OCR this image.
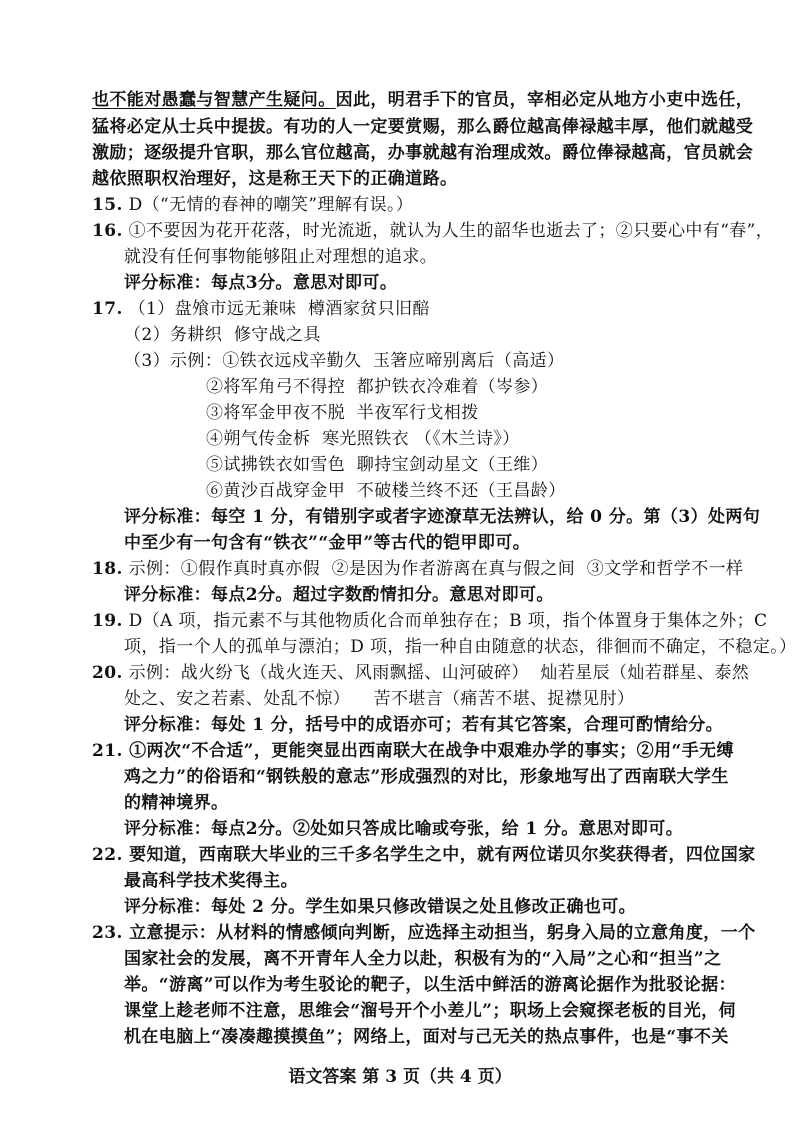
也不能对愚蠢与智慧产生疑问。因此，明君手下的官员，宰相必定从地方小吏中选任，
猛将必定从士兵中提拔。有功的人一定要赏赐，那么爵位越高俸禄越丰厚，他们就越受
激励；逐级提升官职，那么官位越高，办事就越有治理成效。爵位俸禄越高，官员就会
越依照职权治理好，这是称王天下的正确道路。
15. D（“无情的春神的嘲笑”理解有误。）
16. ①不要因为花开花落，时光流逝，就认为人生的韶华也逝去了；②只要心中有“春”，
就没有任何事物能够阻止对理想的追求。
评分标准：每点3分。意思对即可。
17. （1）盘飧市远无兼味  樽酒家贫只旧醅
（2）务耕织  修守战之具
（3）示例：①铁衣远戍辛勤久  玉箸应啼别离后（高适）
②将军角弓不得控  都护铁衣冷难着（岑参）
③将军金甲夜不脱  半夜军行戈相拨
④朔气传金柝  寒光照铁衣 （《木兰诗》）
⑤试拂铁衣如雪色  聊持宝剑动星文（王维）
⑥黄沙百战穿金甲  不破楼兰终不还（王昌龄）
评分标准：每空 1 分，有错别字或者字迹潦草无法辨认，给 0 分。第（3）处两句
中至少有一句含有“铁衣”“金甲”等古代的铠甲即可。
18. 示例：①假作真时真亦假  ②是因为作者游离在真与假之间  ③文学和哲学不一样
评分标准：每点2分。超过字数酌情扣分。意思对即可。
19. D（A 项，指元素不与其他物质化合而单独存在；B 项，指个体置身于集体之外；C
项，指一个人的孤单与漂泊；D 项，指一种自由随意的状态，徘徊而不确定，不稳定。）
20. 示例：战火纷飞（战火连天、风雨飘摇、山河破碎）  灿若星辰（灿若群星、泰然
处之、安之若素、处乱不惊）    苦不堪言（痛苦不堪、捉襟见肘）
评分标准：每处 1 分，括号中的成语亦可；若有其它答案，合理可酌情给分。
21. ①两次“不合适”，更能突显出西南联大在战争中艰难办学的事实；②用“手无缚
鸡之力”的俗语和“钢铁般的意志”形成强烈的对比，形象地写出了西南联大学生
的精神境界。
评分标准：每点2分。②处如只答成比喻或夸张，给 1 分。意思对即可。
22. 要知道，西南联大毕业的三千多名学生之中，就有两位诺贝尔奖获得者，四位国家
最高科学技术奖得主。
评分标准：每处 2 分。学生如果只修改错误之处且修改正确也可。
23. 立意提示：从材料的情感倾向判断，应选择主动担当，躬身入局的立意角度，一个
国家社会的发展，离不开青年人全力以赴，积极有为的“入局”之心和“担当”之
举。“游离”可以作为考生驳论的靶子，以生活中鲜活的游离论据作为批驳论据：
课堂上趁老师不注意，思维会“溜号开个小差儿”；职场上会窥探老板的目光，伺
机在电脑上“凑凑趣摸摸鱼”；网络上，面对与己无关的热点事件，也是“事不关
语文答案 第 3 页（共 4 页）
